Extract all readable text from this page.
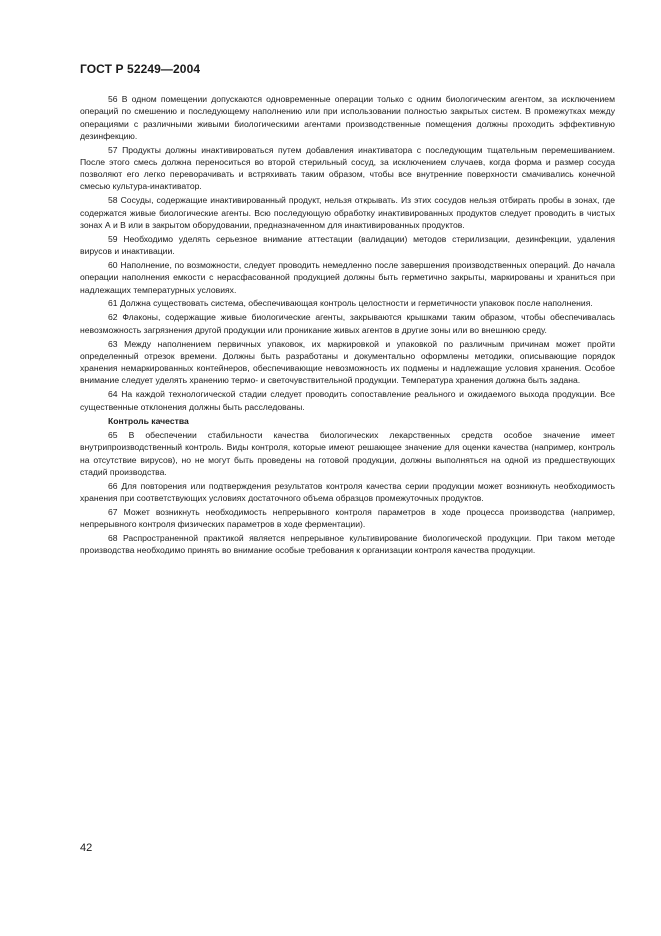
ГОСТ Р 52249—2004

56 В одном помещении допускаются одновременные операции только с одним биологическим агентом, за исключением операций по смешению и последующему наполнению или при использовании полностью закрытых систем. В промежутках между операциями с различными живыми биологическими агентами производственные помещения должны проходить эффективную дезинфекцию.

57 Продукты должны инактивироваться путем добавления инактиватора с последующим тщательным перемешиванием. После этого смесь должна переноситься во второй стерильный сосуд, за исключением случаев, когда форма и размер сосуда позволяют его легко переворачивать и встряхивать таким образом, чтобы все внутренние поверхности смачивались конечной смесью культура-инактиватор.

58 Сосуды, содержащие инактивированный продукт, нельзя открывать. Из этих сосудов нельзя отбирать пробы в зонах, где содержатся живые биологические агенты. Всю последующую обработку инактивированных продуктов следует проводить в чистых зонах А и В или в закрытом оборудовании, предназначенном для инактивированных продуктов.

59 Необходимо уделять серьезное внимание аттестации (валидации) методов стерилизации, дезинфекции, удаления вирусов и инактивации.

60 Наполнение, по возможности, следует проводить немедленно после завершения производственных операций. До начала операции наполнения емкости с нерасфасованной продукцией должны быть герметично закрыты, маркированы и храниться при надлежащих температурных условиях.

61 Должна существовать система, обеспечивающая контроль целостности и герметичности упаковок после наполнения.

62 Флаконы, содержащие живые биологические агенты, закрываются крышками таким образом, чтобы обеспечивалась невозможность загрязнения другой продукции или проникание живых агентов в другие зоны или во внешнюю среду.

63 Между наполнением первичных упаковок, их маркировкой и упаковкой по различным причинам может пройти определенный отрезок времени. Должны быть разработаны и документально оформлены методики, описывающие порядок хранения немаркированных контейнеров, обеспечивающие невозможность их подмены и надлежащие условия хранения. Особое внимание следует уделять хранению термо- и светочувствительной продукции. Температура хранения должна быть задана.

64 На каждой технологической стадии следует проводить сопоставление реального и ожидаемого выхода продукции. Все существенные отклонения должны быть расследованы.

Контроль качества

65 В обеспечении стабильности качества биологических лекарственных средств особое значение имеет внутрипроизводственный контроль. Виды контроля, которые имеют решающее значение для оценки качества (например, контроль на отсутствие вирусов), но не могут быть проведены на готовой продукции, должны выполняться на одной из предшествующих стадий производства.

66 Для повторения или подтверждения результатов контроля качества серии продукции может возникнуть необходимость хранения при соответствующих условиях достаточного объема образцов промежуточных продуктов.

67 Может возникнуть необходимость непрерывного контроля параметров в ходе процесса производства (например, непрерывного контроля физических параметров в ходе ферментации).

68 Распространенной практикой является непрерывное культивирование биологической продукции. При таком методе производства необходимо принять во внимание особые требования к организации контроля качества продукции.

42
